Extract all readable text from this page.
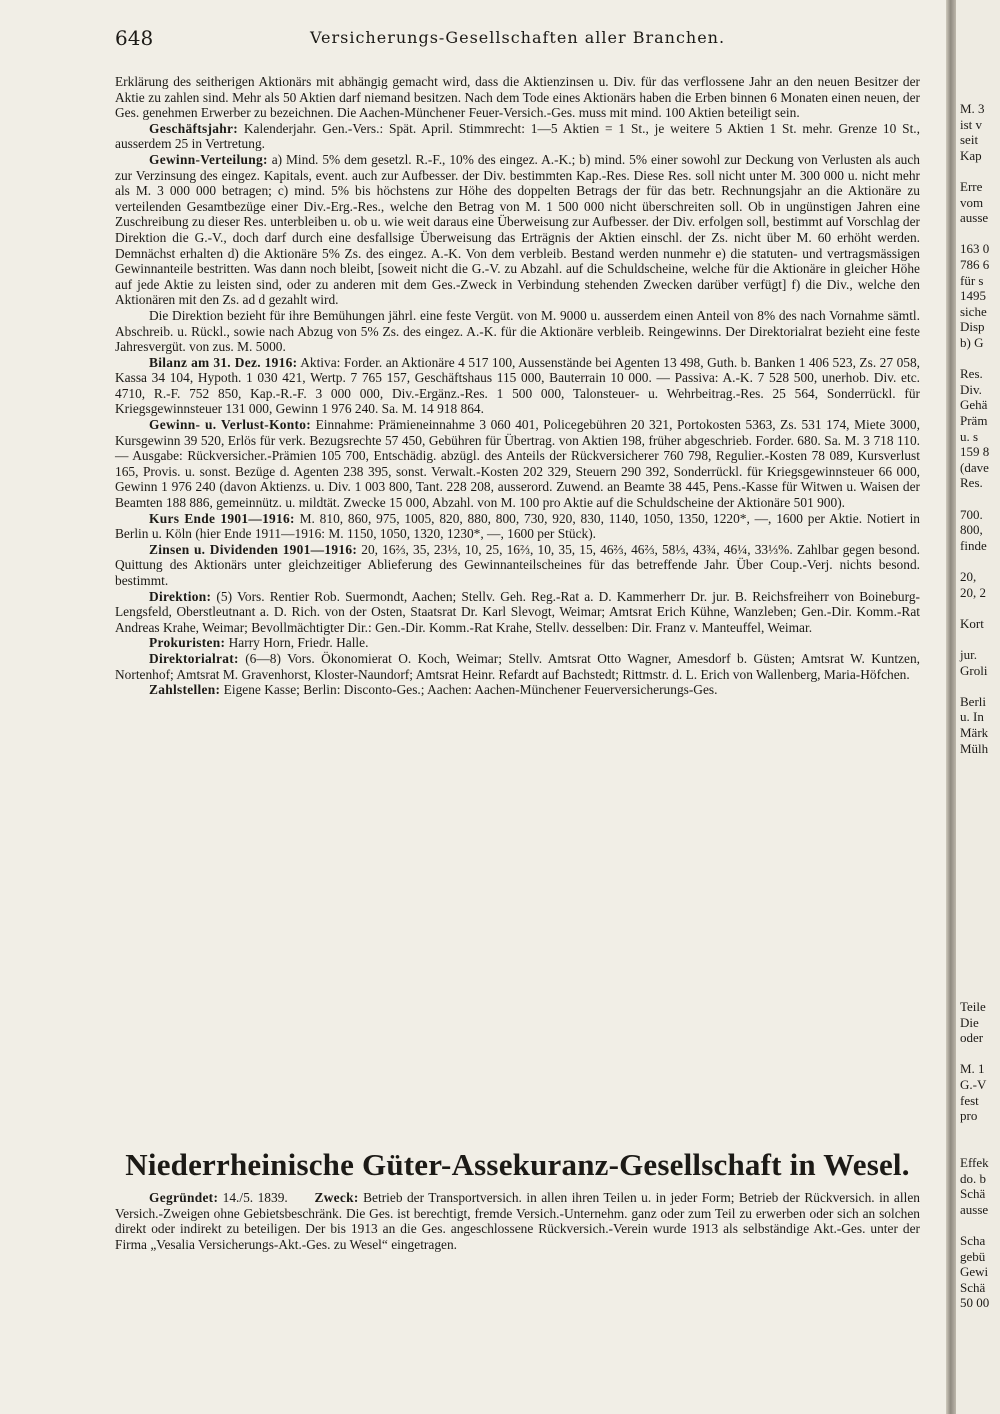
648	Versicherungs-Gesellschaften aller Branchen.

Erklärung des seitherigen Aktionärs mit abhängig gemacht wird, dass die Aktienzinsen u. Div. für das verflossene Jahr an den neuen Besitzer der Aktie zu zahlen sind. Mehr als 50 Aktien darf niemand besitzen. Nach dem Tode eines Aktionärs haben die Erben binnen 6 Monaten einen neuen, der Ges. genehmen Erwerber zu bezeichnen. Die Aachen-Münchener Feuer-Versich.-Ges. muss mit mind. 100 Aktien beteiligt sein.

Geschäftsjahr: Kalenderjahr. Gen.-Vers.: Spät. April. Stimmrecht: 1—5 Aktien = 1 St., je weitere 5 Aktien 1 St. mehr. Grenze 10 St., ausserdem 25 in Vertretung.

Gewinn-Verteilung: a) Mind. 5% dem gesetzl. R.-F., 10% des eingez. A.-K.; b) mind. 5% einer sowohl zur Deckung von Verlusten als auch zur Verzinsung des eingez. Kapitals, event. auch zur Aufbesser. der Div. bestimmten Kap.-Res. Diese Res. soll nicht unter M. 300 000 u. nicht mehr als M. 3 000 000 betragen; c) mind. 5% bis höchstens zur Höhe des doppelten Betrags der für das betr. Rechnungsjahr an die Aktionäre zu verteilenden Gesamtbezüge einer Div.-Erg.-Res., welche den Betrag von M. 1 500 000 nicht überschreiten soll. Ob in ungünstigen Jahren eine Zuschreibung zu dieser Res. unterbleiben u. ob u. wie weit daraus eine Überweisung zur Aufbesser. der Div. erfolgen soll, bestimmt auf Vorschlag der Direktion die G.-V., doch darf durch eine desfallsige Überweisung das Erträgnis der Aktien einschl. der Zs. nicht über M. 60 erhöht werden. Demnächst erhalten d) die Aktionäre 5% Zs. des eingez. A.-K. Von dem verbleib. Bestand werden nunmehr e) die statuten- und vertragsmässigen Gewinnanteile bestritten. Was dann noch bleibt, [soweit nicht die G.-V. zu Abzahl. auf die Schuldscheine, welche für die Aktionäre in gleicher Höhe auf jede Aktie zu leisten sind, oder zu anderen mit dem Ges.-Zweck in Verbindung stehenden Zwecken darüber verfügt] f) die Div., welche den Aktionären mit den Zs. ad d gezahlt wird.

Die Direktion bezieht für ihre Bemühungen jährl. eine feste Vergüt. von M. 9000 u. ausserdem einen Anteil von 8% des nach Vornahme sämtl. Abschreib. u. Rückl., sowie nach Abzug von 5% Zs. des eingez. A.-K. für die Aktionäre verbleib. Reingewinns. Der Direktorialrat bezieht eine feste Jahresvergüt. von zus. M. 5000.

Bilanz am 31. Dez. 1916: Aktiva: Forder. an Aktionäre 4 517 100, Aussenstände bei Agenten 13 498, Guth. b. Banken 1 406 523, Zs. 27 058, Kassa 34 104, Hypoth. 1 030 421, Wertp. 7 765 157, Geschäftshaus 115 000, Bauterrain 10 000. — Passiva: A.-K. 7 528 500, unerhob. Div. etc. 4710, R.-F. 752 850, Kap.-R.-F. 3 000 000, Div.-Ergänz.-Res. 1 500 000, Talonsteuer- u. Wehrbeitrag.-Res. 25 564, Sonderrückl. für Kriegsgewinnsteuer 131 000, Gewinn 1 976 240. Sa. M. 14 918 864.

Gewinn- u. Verlust-Konto: Einnahme: Prämieneinnahme 3 060 401, Policegebühren 20 321, Portokosten 5363, Zs. 531 174, Miete 3000, Kursgewinn 39 520, Erlös für verk. Bezugsrechte 57 450, Gebühren für Übertrag. von Aktien 198, früher abgeschrieb. Forder. 680. Sa. M. 3 718 110. — Ausgabe: Rückversicher.-Prämien 105 700, Entschädig. abzügl. des Anteils der Rückversicherer 760 798, Regulier.-Kosten 78 089, Kursverlust 165, Provis. u. sonst. Bezüge d. Agenten 238 395, sonst. Verwalt.-Kosten 202 329, Steuern 290 392, Sonderrückl. für Kriegsgewinnsteuer 66 000, Gewinn 1 976 240 (davon Aktienzs. u. Div. 1 003 800, Tant. 228 208, ausserord. Zuwend. an Beamte 38 445, Pens.-Kasse für Witwen u. Waisen der Beamten 188 886, gemeinnütz. u. mildtät. Zwecke 15 000, Abzahl. von M. 100 pro Aktie auf die Schuldscheine der Aktionäre 501 900).

Kurs Ende 1901—1916: M. 810, 860, 975, 1005, 820, 880, 800, 730, 920, 830, 1140, 1050, 1350, 1220*, —, 1600 per Aktie. Notiert in Berlin u. Köln (hier Ende 1911—1916: M. 1150, 1050, 1320, 1230*, —, 1600 per Stück).

Zinsen u. Dividenden 1901—1916: 20, 16⅔, 35, 23⅓, 10, 25, 16⅔, 10, 35, 15, 46⅔, 46⅔, 58⅓, 43¾, 46¼, 33⅓%. Zahlbar gegen besond. Quittung des Aktionärs unter gleichzeitiger Ablieferung des Gewinnanteilscheines für das betreffende Jahr. Über Coup.-Verj. nichts besond. bestimmt.

Direktion: (5) Vors. Rentier Rob. Suermondt, Aachen; Stellv. Geh. Reg.-Rat a. D. Kammerherr Dr. jur. B. Reichsfreiherr von Boineburg-Lengsfeld, Oberstleutnant a. D. Rich. von der Osten, Staatsrat Dr. Karl Slevogt, Weimar; Amtsrat Erich Kühne, Wanzleben; Gen.-Dir. Komm.-Rat Andreas Krahe, Weimar; Bevollmächtigter Dir.: Gen.-Dir. Komm.-Rat Krahe, Stellv. desselben: Dir. Franz v. Manteuffel, Weimar.

Prokuristen: Harry Horn, Friedr. Halle.

Direktorialrat: (6—8) Vors. Ökonomierat O. Koch, Weimar; Stellv. Amtsrat Otto Wagner, Amesdorf b. Güsten; Amtsrat W. Kuntzen, Nortenhof; Amtsrat M. Gravenhorst, Kloster-Naundorf; Amtsrat Heinr. Refardt auf Bachstedt; Rittmstr. d. L. Erich von Wallenberg, Maria-Höfchen.

Zahlstellen: Eigene Kasse; Berlin: Disconto-Ges.; Aachen: Aachen-Münchener Feuerversicherungs-Ges.

Niederrheinische Güter-Assekuranz-Gesellschaft in Wesel.

Gegründet: 14./5. 1839. Zweck: Betrieb der Transportversich. in allen ihren Teilen u. in jeder Form; Betrieb der Rückversich. in allen Versich.-Zweigen ohne Gebietsbeschränk. Die Ges. ist berechtigt, fremde Versich.-Unternehm. ganz oder zum Teil zu erwerben oder sich an solchen direkt oder indirekt zu beteiligen. Der bis 1913 an die Ges. angeschlossene Rückversich.-Verein wurde 1913 als selbständige Akt.-Ges. unter der Firma „Vesalia Versicherungs-Akt.-Ges. zu Wesel“ eingetragen.

M. 3
ist v
seit
Kap
Erre
vom
ausse
163 0
786 6
für s
1495
siche
Disp
b) G
Res.
Div.
Gehä
Präm
u. s
159 8
(dave
Res.
700.
800,
finde
20,
20, 2
Kort
jur.
Groli
Berli
u. In
Märk
Mülh
Teile
Die
oder
M. 1
G.-V
fest
pro
Effek
do. b
Schä
ausse
Scha
gebü
Gewi
Schä
50 00
